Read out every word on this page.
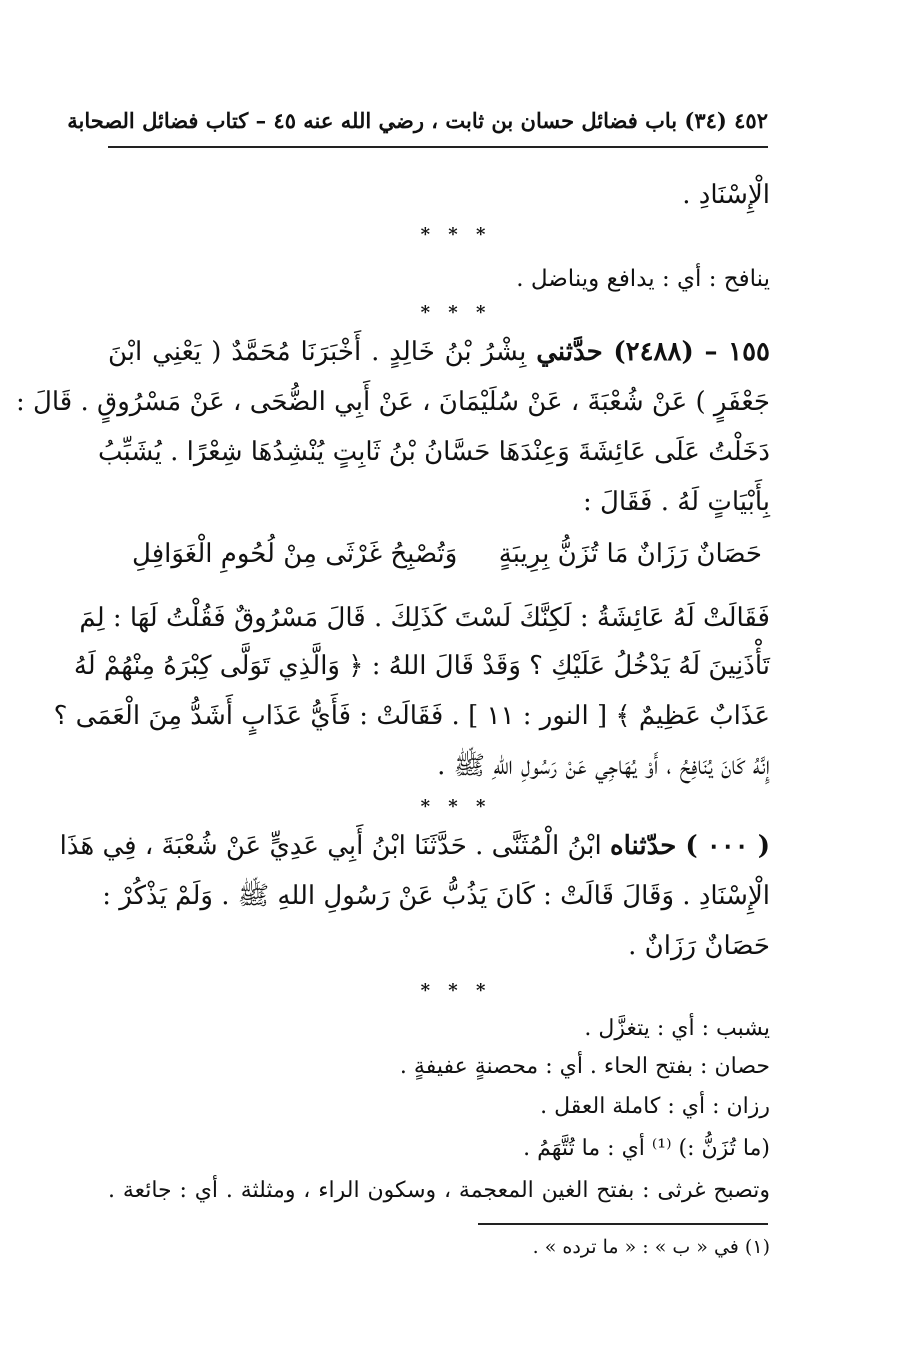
٤٥٢ (٣٤) باب فضائل حسان بن ثابت ، رضي الله عنه ٤٥ – كتاب فضائل الصحابة
الْإِسْنَادِ .
* * *
ينافح : أي : يدافع ويناضل .
* * *
١٥٥ – (٢٤٨٨) حدَّثني بِشْرُ بْنُ خَالِدٍ . أَخْبَرَنَا مُحَمَّدٌ ( يَعْنِي ابْنَ
جَعْفَرٍ ) عَنْ شُعْبَةَ ، عَنْ سُلَيْمَانَ ، عَنْ أَبِي الضُّحَى ، عَنْ مَسْرُوقٍ . قَالَ :
دَخَلْتُ عَلَى عَائِشَةَ وَعِنْدَهَا حَسَّانُ بْنُ ثَابِتٍ يُنْشِدُهَا شِعْرًا . يُشَبِّبُ
بِأَبْيَاتٍ لَهُ . فَقَالَ :
حَصَانٌ رَزَانٌ مَا تُزَنُّ بِرِيبَةٍ
وَتُصْبِحُ غَرْثَى مِنْ لُحُومِ الْغَوَافِلِ
فَقَالَتْ لَهُ عَائِشَةُ : لَكِنَّكَ لَسْتَ كَذَلِكَ . قَالَ مَسْرُوقٌ فَقُلْتُ لَهَا : لِمَ
تَأْذَنِينَ لَهُ يَدْخُلُ عَلَيْكِ ؟ وَقَدْ قَالَ اللهُ : ﴿ وَالَّذِي تَوَلَّى كِبْرَهُ مِنْهُمْ لَهُ
عَذَابٌ عَظِيمٌ ﴾ [ النور : ١١ ] . فَقَالَتْ : فَأَيُّ عَذَابٍ أَشَدُّ مِنَ الْعَمَى ؟
إِنَّهُ كَانَ يُنَافِحُ ، أَوْ يُهَاجِي عَنْ رَسُولِ اللهِ ﷺ .
* * *
( ٠٠٠ ) حدّثناه ابْنُ الْمُثَنَّى . حَدَّثَنَا ابْنُ أَبِي عَدِيٍّ عَنْ شُعْبَةَ ، فِي هَذَا
الْإِسْنَادِ . وَقَالَ قَالَتْ : كَانَ يَذُبُّ عَنْ رَسُولِ اللهِ ﷺ . وَلَمْ يَذْكُرْ :
حَصَانٌ رَزَانٌ .
* * *
يشبب : أي : يتغزَّل .
حصان : بفتح الحاء . أي : محصنةٍ عفيفةٍ .
رزان : أي : كاملة العقل .
(ما تُزَنُّ :) ⁽¹⁾ أي : ما تُتَّهَمُ .
وتصبح غرثى : بفتح الغين المعجمة ، وسكون الراء ، ومثلثة . أي : جائعة .
(١) في « ب » : « ما ترده » .
